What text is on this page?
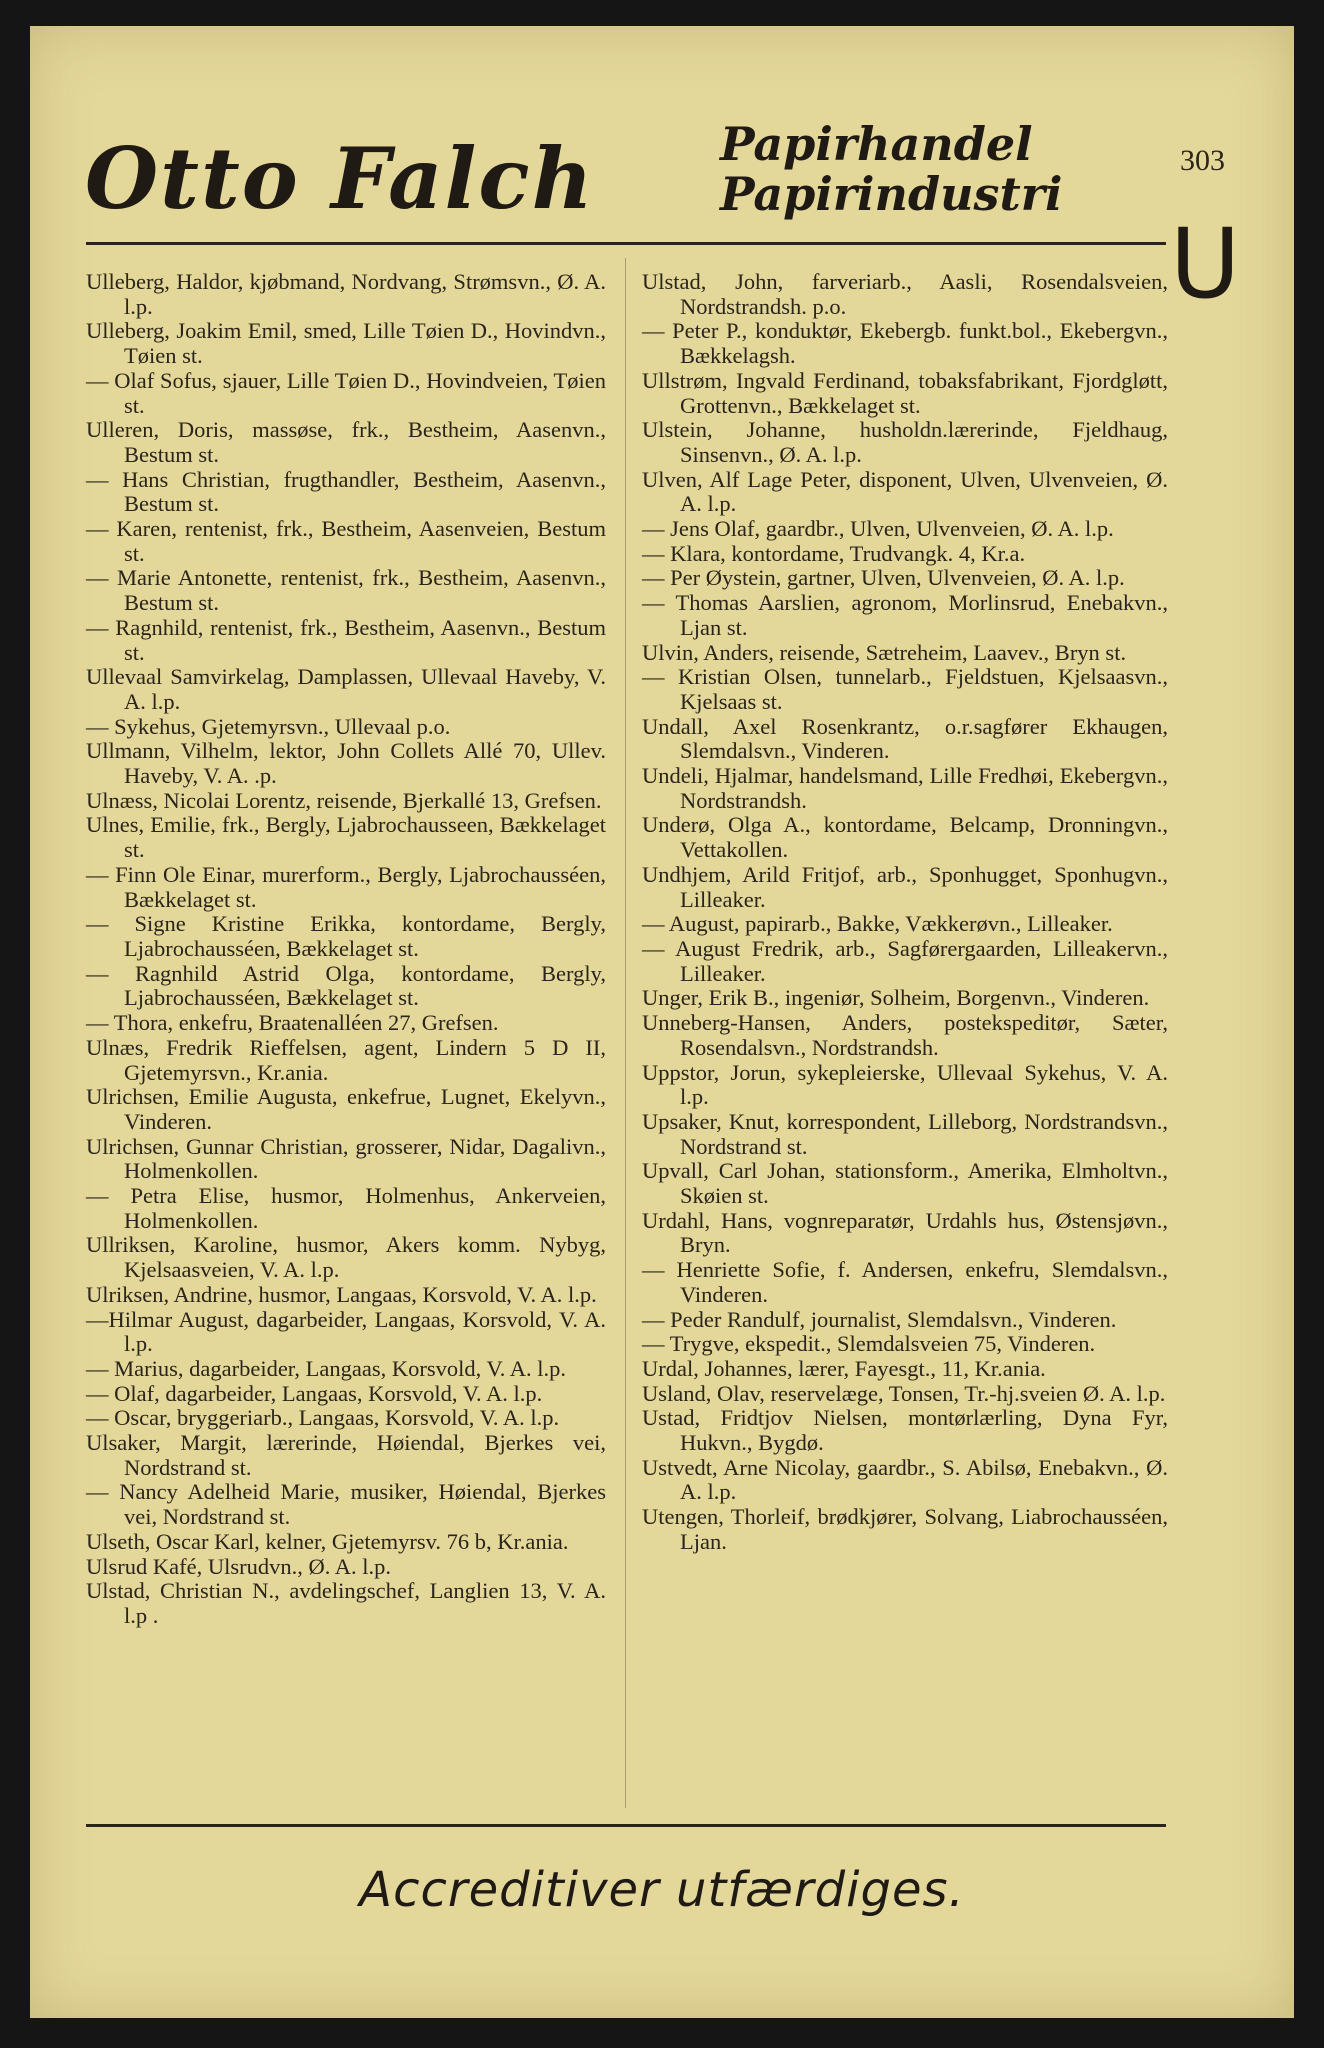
Otto Falch	Papirhandel
Papirindustri
303
U
Ulleberg, Haldor, kjøbmand, Nordvang, Strømsvn., Ø. A. l.p.
Ulleberg, Joakim Emil, smed, Lille Tøien D., Hovindvn., Tøien st.
— Olaf Sofus, sjauer, Lille Tøien D., Hovindveien, Tøien st.
Ulleren, Doris, massøse, frk., Bestheim, Aasenvn., Bestum st.
— Hans Christian, frugthandler, Bestheim, Aasenvn., Bestum st.
— Karen, rentenist, frk., Bestheim, Aasenveien, Bestum st.
— Marie Antonette, rentenist, frk., Bestheim, Aasenvn., Bestum st.
— Ragnhild, rentenist, frk., Bestheim, Aasenvn., Bestum st.
Ullevaal Samvirkelag, Damplassen, Ullevaal Haveby, V. A. l.p.
— Sykehus, Gjetemyrsvn., Ullevaal p.o.
Ullmann, Vilhelm, lektor, John Collets Allé 70, Ullev. Haveby, V. A. .p.
Ulnæss, Nicolai Lorentz, reisende, Bjerkallé 13, Grefsen.
Ulnes, Emilie, frk., Bergly, Ljabrochausseen, Bækkelaget st.
— Finn Ole Einar, murerform., Bergly, Ljabrochausséen, Bækkelaget st.
— Signe Kristine Erikka, kontordame, Bergly, Ljabrochausséen, Bækkelaget st.
— Ragnhild Astrid Olga, kontordame, Bergly, Ljabrochausséen, Bækkelaget st.
— Thora, enkefru, Braatenalléen 27, Grefsen.
Ulnæs, Fredrik Rieffelsen, agent, Lindern 5 D II, Gjetemyrsvn., Kr.ania.
Ulrichsen, Emilie Augusta, enkefrue, Lugnet, Ekelyvn., Vinderen.
Ulrichsen, Gunnar Christian, grosserer, Nidar, Dagalivn., Holmenkollen.
— Petra Elise, husmor, Holmenhus, Ankerveien, Holmenkollen.
Ullriksen, Karoline, husmor, Akers komm. Nybyg, Kjelsaasveien, V. A. l.p.
Ulriksen, Andrine, husmor, Langaas, Korsvold, V. A. l.p.
—Hilmar August, dagarbeider, Langaas, Korsvold, V. A. l.p.
— Marius, dagarbeider, Langaas, Korsvold, V. A. l.p.
— Olaf, dagarbeider, Langaas, Korsvold, V. A. l.p.
— Oscar, bryggeriarb., Langaas, Korsvold, V. A. l.p.
Ulsaker, Margit, lærerinde, Høiendal, Bjerkes vei, Nordstrand st.
— Nancy Adelheid Marie, musiker, Høiendal, Bjerkes vei, Nordstrand st.
Ulseth, Oscar Karl, kelner, Gjetemyrsv. 76 b, Kr.ania.
Ulsrud Kafé, Ulsrudvn., Ø. A. l.p.
Ulstad, Christian N., avdelingschef, Langlien 13, V. A. l.p .
Ulstad, John, farveriarb., Aasli, Rosendalsveien, Nordstrandsh. p.o.
— Peter P., konduktør, Ekebergb. funkt.bol., Ekebergvn., Bækkelagsh.
Ullstrøm, Ingvald Ferdinand, tobaksfabrikant, Fjordgløtt, Grottenvn., Bækkelaget st.
Ulstein, Johanne, husholdn.lærerinde, Fjeldhaug, Sinsenvn., Ø. A. l.p.
Ulven, Alf Lage Peter, disponent, Ulven, Ulvenveien, Ø. A. l.p.
— Jens Olaf, gaardbr., Ulven, Ulvenveien, Ø. A. l.p.
— Klara, kontordame, Trudvangk. 4, Kr.a.
— Per Øystein, gartner, Ulven, Ulvenveien, Ø. A. l.p.
— Thomas Aarslien, agronom, Morlinsrud, Enebakvn., Ljan st.
Ulvin, Anders, reisende, Sætreheim, Laavev., Bryn st.
— Kristian Olsen, tunnelarb., Fjeldstuen, Kjelsaasvn., Kjelsaas st.
Undall, Axel Rosenkrantz, o.r.sagfører Ekhaugen, Slemdalsvn., Vinderen.
Undeli, Hjalmar, handelsmand, Lille Fredhøi, Ekebergvn., Nordstrandsh.
Underø, Olga A., kontordame, Belcamp, Dronningvn., Vettakollen.
Undhjem, Arild Fritjof, arb., Sponhugget, Sponhugvn., Lilleaker.
— August, papirarb., Bakke, Vækkerøvn., Lilleaker.
— August Fredrik, arb., Sagførergaarden, Lilleakervn., Lilleaker.
Unger, Erik B., ingeniør, Solheim, Borgenvn., Vinderen.
Unneberg-Hansen, Anders, postekspeditør, Sæter, Rosendalsvn., Nordstrandsh.
Uppstor, Jorun, sykepleierske, Ullevaal Sykehus, V. A. l.p.
Upsaker, Knut, korrespondent, Lilleborg, Nordstrandsvn., Nordstrand st.
Upvall, Carl Johan, stationsform., Amerika, Elmholtvn., Skøien st.
Urdahl, Hans, vognreparatør, Urdahls hus, Østensjøvn., Bryn.
— Henriette Sofie, f. Andersen, enkefru, Slemdalsvn., Vinderen.
— Peder Randulf, journalist, Slemdalsvn., Vinderen.
— Trygve, ekspedit., Slemdalsveien 75, Vinderen.
Urdal, Johannes, lærer, Fayesgt., 11, Kr.ania.
Usland, Olav, reservelæge, Tonsen, Tr.-hj.sveien Ø. A. l.p.
Ustad, Fridtjov Nielsen, montørlærling, Dyna Fyr, Hukvn., Bygdø.
Ustvedt, Arne Nicolay, gaardbr., S. Abilsø, Enebakvn., Ø. A. l.p.
Utengen, Thorleif, brødkjører, Solvang, Liabrochausséen, Ljan.
Accreditiver utfærdiges.
